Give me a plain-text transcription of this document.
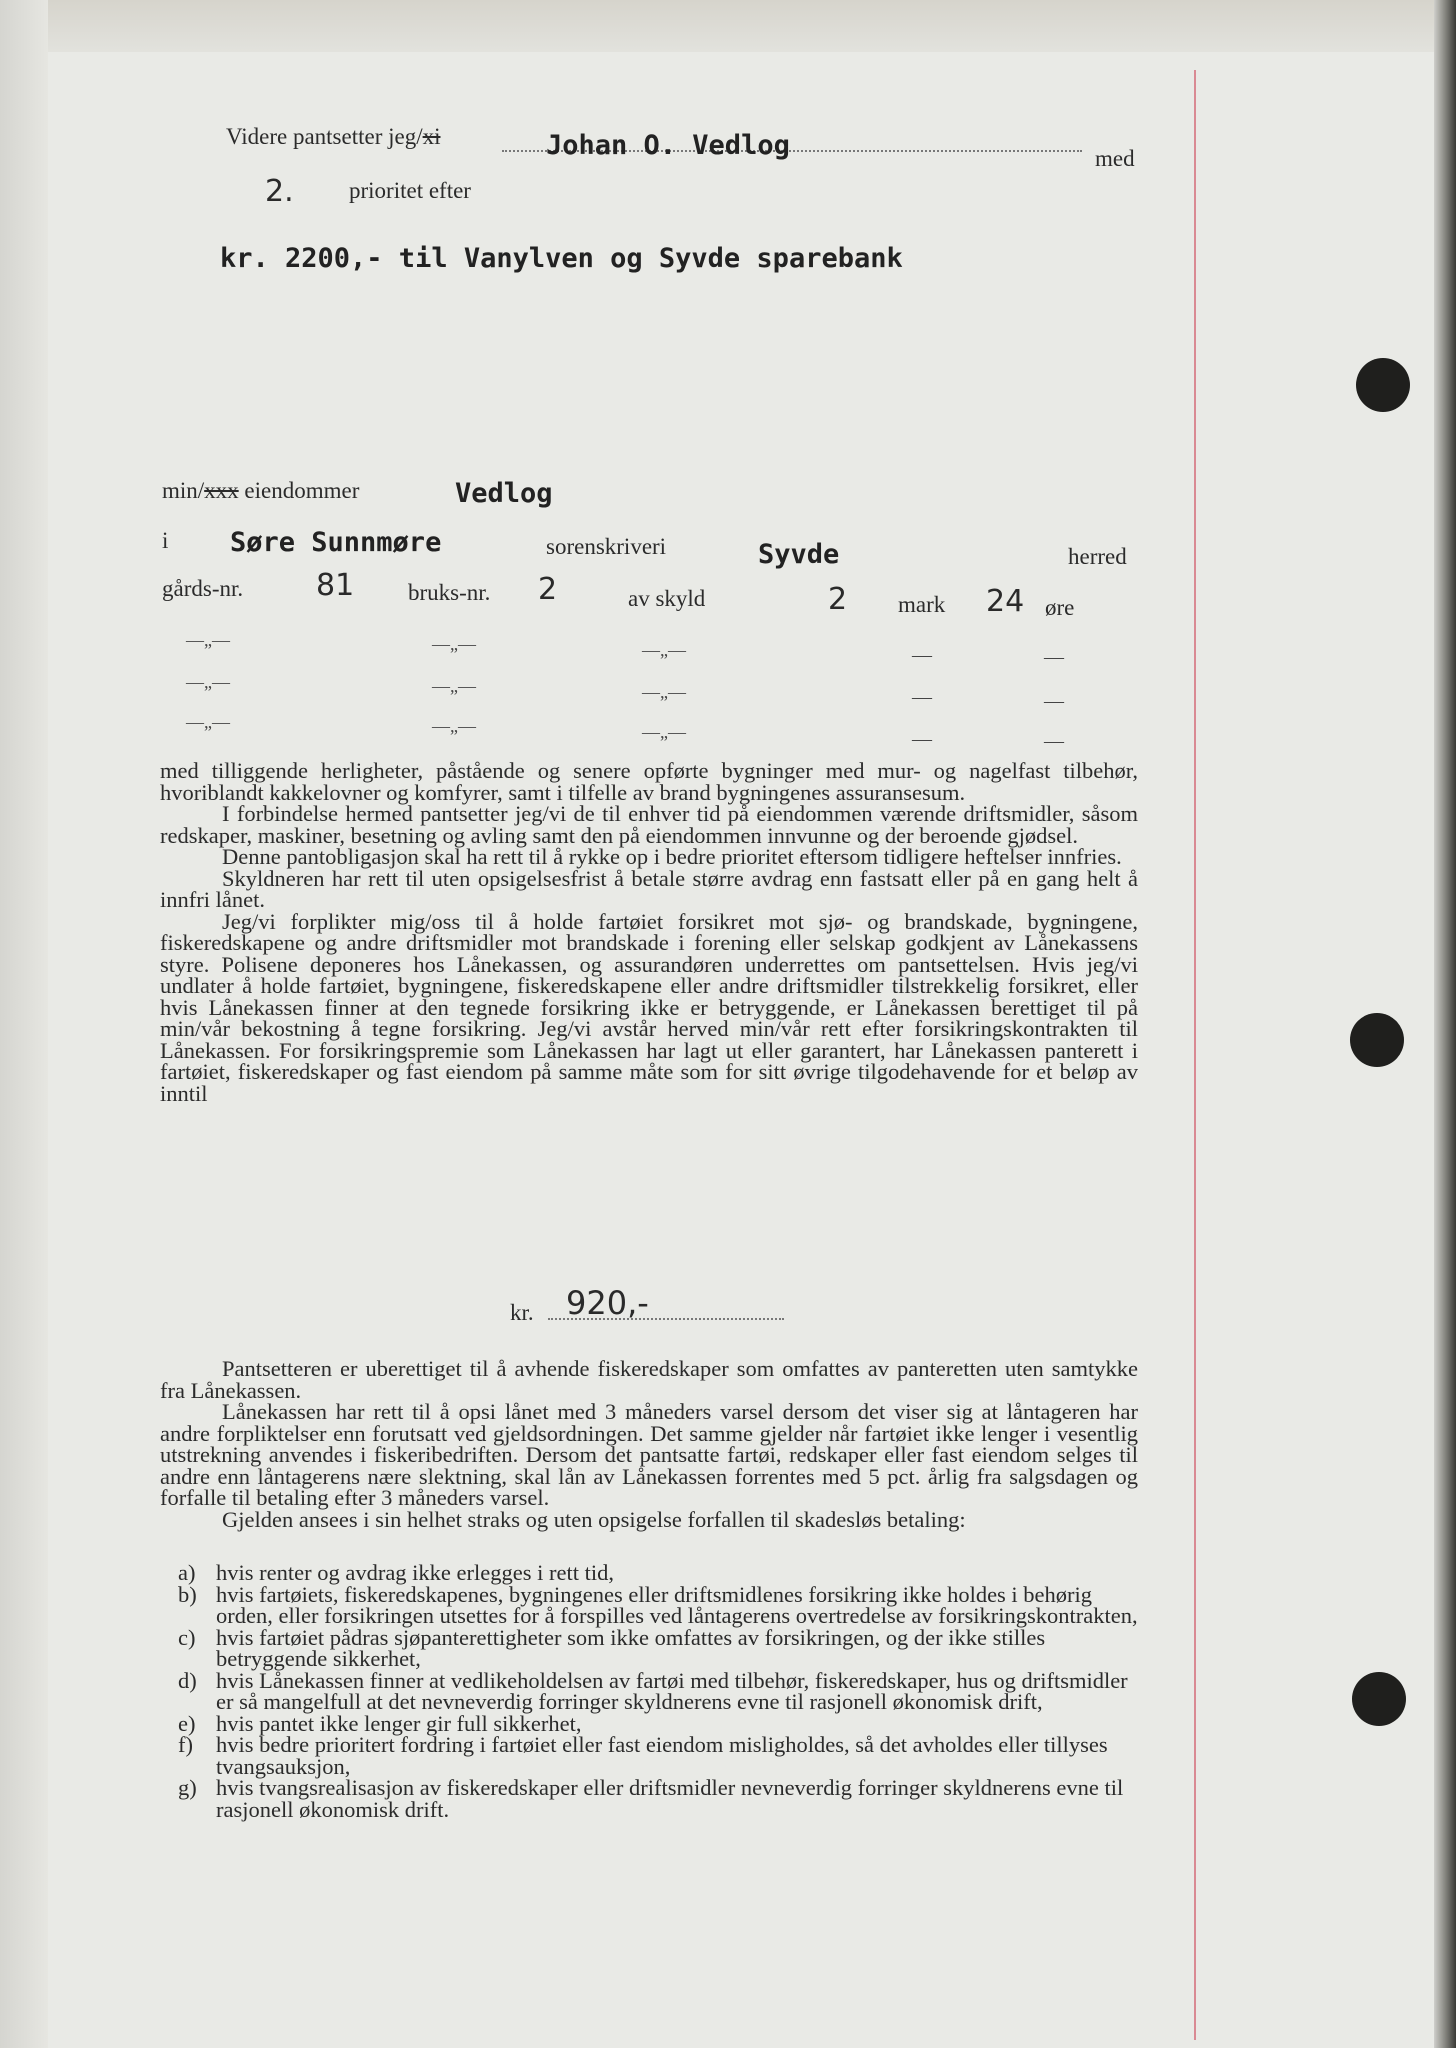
Videre pantsetter jeg/xi	Johan O. Vedlog	med
2. prioritet efter
kr. 2200,- til Vanylven og Syvde sparebank
min/xxx eiendommer	Vedlog
i Søre Sunnmøre	sorenskriveri	Syvde	herred
gårds-nr. 81 bruks-nr. 2	av skyld	2 mark 24 øre
—„—	—„—	—„—	—	—
—„—	—„—	—„—	—	—
—„—	—„—	—„—	—	—

med tilliggende herligheter, påstående og senere opførte bygninger med mur- og nagelfast tilbehør, hvoriblandt kakkelovner og komfyrer, samt i tilfelle av brand bygningenes assuransesum.

I forbindelse hermed pantsetter jeg/vi de til enhver tid på eiendommen værende driftsmidler, såsom redskaper, maskiner, besetning og avling samt den på eiendommen innvunne og der beroende gjødsel.

Denne pantobligasjon skal ha rett til å rykke op i bedre prioritet eftersom tidligere heftelser innfries.

Skyldneren har rett til uten opsigelsesfrist å betale større avdrag enn fastsatt eller på en gang helt å innfri lånet.

Jeg/vi forplikter mig/oss til å holde fartøiet forsikret mot sjø- og brandskade, bygningene, fiskeredskapene og andre driftsmidler mot brandskade i forening eller selskap godkjent av Lånekassens styre. Polisene deponeres hos Lånekassen, og assurandøren underrettes om pantsettelsen. Hvis jeg/vi undlater å holde fartøiet, bygningene, fiskeredskapene eller andre driftsmidler tilstrekkelig forsikret, eller hvis Lånekassen finner at den tegnede forsikring ikke er betryggende, er Lånekassen berettiget til på min/vår bekostning å tegne forsikring. Jeg/vi avstår herved min/vår rett efter forsikringskontrakten til Lånekassen. For forsikringspremie som Lånekassen har lagt ut eller garantert, har Lånekassen panterett i fartøiet, fiskeredskaper og fast eiendom på samme måte som for sitt øvrige tilgodehavende for et beløp av inntil

kr. 920,-

Pantsetteren er uberettiget til å avhende fiskeredskaper som omfattes av panteretten uten samtykke fra Lånekassen.

Lånekassen har rett til å opsi lånet med 3 måneders varsel dersom det viser sig at låntageren har andre forpliktelser enn forutsatt ved gjeldsordningen. Det samme gjelder når fartøiet ikke lenger i vesentlig utstrekning anvendes i fiskeribedriften. Dersom det pantsatte fartøi, redskaper eller fast eiendom selges til andre enn låntagerens nære slektning, skal lån av Lånekassen forrentes med 5 pct. årlig fra salgsdagen og forfalle til betaling efter 3 måneders varsel.

Gjelden ansees i sin helhet straks og uten opsigelse forfallen til skadesløs betaling:

a) hvis renter og avdrag ikke erlegges i rett tid,
b) hvis fartøiets, fiskeredskapenes, bygningenes eller driftsmidlenes forsikring ikke holdes i behørig orden, eller forsikringen utsettes for å forspilles ved låntagerens overtredelse av forsikringskontrakten,
c) hvis fartøiet pådras sjøpanterettigheter som ikke omfattes av forsikringen, og der ikke stilles betryggende sikkerhet,
d) hvis Lånekassen finner at vedlikeholdelsen av fartøi med tilbehør, fiskeredskaper, hus og driftsmidler er så mangelfull at det nevneverdig forringer skyldnerens evne til rasjonell økonomisk drift,
e) hvis pantet ikke lenger gir full sikkerhet,
f) hvis bedre prioritert fordring i fartøiet eller fast eiendom misligholdes, så det avholdes eller tillyses tvangsauksjon,
g) hvis tvangsrealisasjon av fiskeredskaper eller driftsmidler nevneverdig forringer skyldnerens evne til rasjonell økonomisk drift.
